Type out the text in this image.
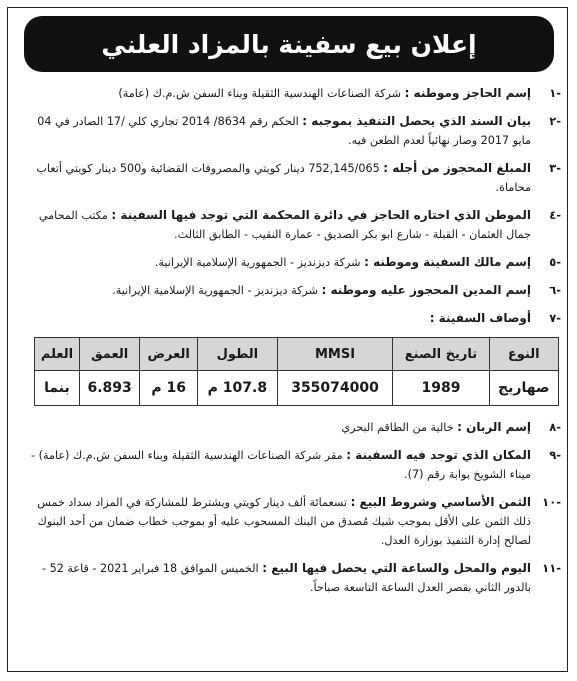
إعلان بيع سفينة بالمزاد العلني
-١
إسم الحاجز وموطنه : شركة الصناعات الهندسية الثقيلة وبناء السفن ش.م.ك (عامة)
-٢
بيان السند الذي يحصل التنفيذ بموجبه : الحكم رقم 8634/ 2014 تجاري كلي /17 الصادر في 04 مايو 2017 وصار نهائياً لعدم الطعن فيه.
-٣
المبلغ المحجوز من أجله : 752,145/065 دينار كويتي والمصروفات القضائية و500 دينار كويتي أتعاب محاماة.
-٤
الموطن الذي اختاره الحاجز في دائرة المحكمة التي توجد فيها السفينة : مكتب المحامي جمال العثمان - القبلة - شارع ابو بكر الصديق - عمارة النقيب - الطابق الثالث.
-٥
إسم مالك السفينة وموطنه : شركة ديزنديز - الجمهورية الإسلامية الإيرانية.
-٦
إسم المدين المحجوز عليه وموطنه : شركة ديزنديز - الجمهورية الإسلامية الإيرانية.
-٧
أوصاف السفينة :
النوع	تاريخ الصنع	MMSI	الطول	العرض	العمق	العلم
صهاريج	1989	355074000	107.8 م	16 م	6.893	بنما
-٨
إسم الربان : خالية من الطاقم البحري
-٩
المكان الذي توجد فيه السفينة : مقر شركة الصناعات الهندسية الثقيلة وبناء السفن ش.م.ك (عامة) - ميناء الشويخ بوابة رقم (7).
-١٠
الثمن الأساسي وشروط البيع : تسعمائة ألف دينار كويتي ويشترط للمشاركة في المزاد سداد خمس ذلك الثمن على الأقل بموجب شيك مُصدق من البنك المسحوب عليه أو بموجب خطاب ضمان من أحد البنوك لصالح إدارة التنفيذ بوزارة العدل.
-١١
اليوم والمحل والساعة التي يحصل فيها البيع : الخميس الموافق 18 فبراير 2021 - قاعة 52 - بالدور الثاني بقصر العدل الساعة التاسعة صباحاً.
